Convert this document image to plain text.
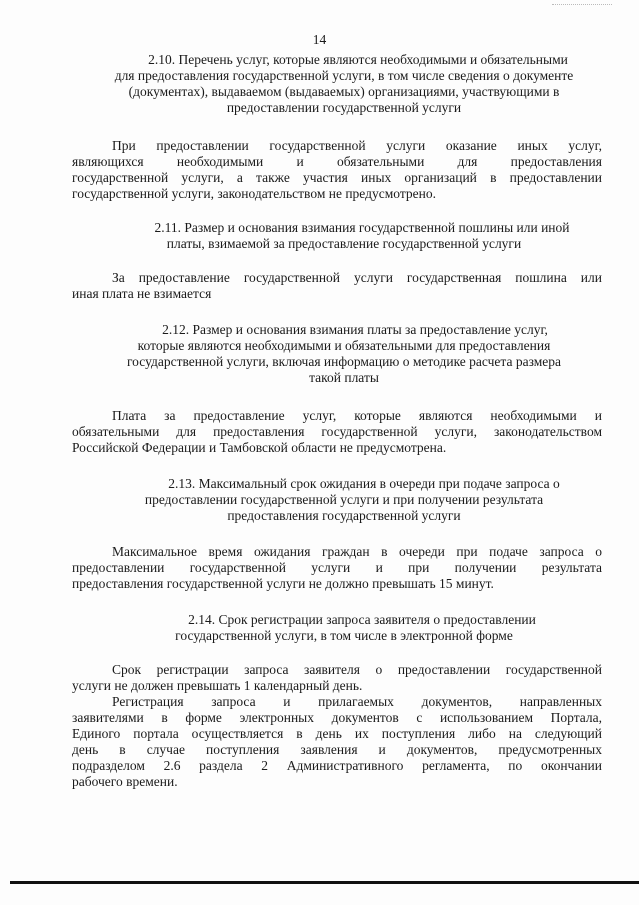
14
2.10. Перечень услуг, которые являются необходимыми и обязательными
для предоставления государственной услуги, в том числе сведения о документе
(документах), выдаваемом (выдаваемых) организациями, участвующими в
предоставлении государственной услуги
При предоставлении государственной услуги оказание иных услуг,
являющихся необходимыми и обязательными для предоставления
государственной услуги, а также участия иных организаций в предоставлении
государственной услуги, законодательством не предусмотрено.
2.11. Размер и основания взимания государственной пошлины или иной
платы, взимаемой за предоставление государственной услуги
За предоставление государственной услуги государственная пошлина или
иная плата не взимается
2.12. Размер и основания взимания платы за предоставление услуг,
которые являются необходимыми и обязательными для предоставления
государственной услуги, включая информацию о методике расчета размера
такой платы
Плата за предоставление услуг, которые являются необходимыми и
обязательными для предоставления государственной услуги, законодательством
Российской Федерации и Тамбовской области не предусмотрена.
2.13. Максимальный срок ожидания в очереди при подаче запроса о
предоставлении государственной услуги и при получении результата
предоставления государственной услуги
Максимальное время ожидания граждан в очереди при подаче запроса о
предоставлении государственной услуги и при получении результата
предоставления государственной услуги не должно превышать 15 минут.
2.14. Срок регистрации запроса заявителя о предоставлении
государственной услуги, в том числе в электронной форме
Срок регистрации запроса заявителя о предоставлении государственной
услуги не должен превышать 1 календарный день.
Регистрация запроса и прилагаемых документов, направленных
заявителями в форме электронных документов с использованием Портала,
Единого портала осуществляется в день их поступления либо на следующий
день в случае поступления заявления и документов, предусмотренных
подразделом 2.6 раздела 2 Административного регламента, по окончании
рабочего времени.
